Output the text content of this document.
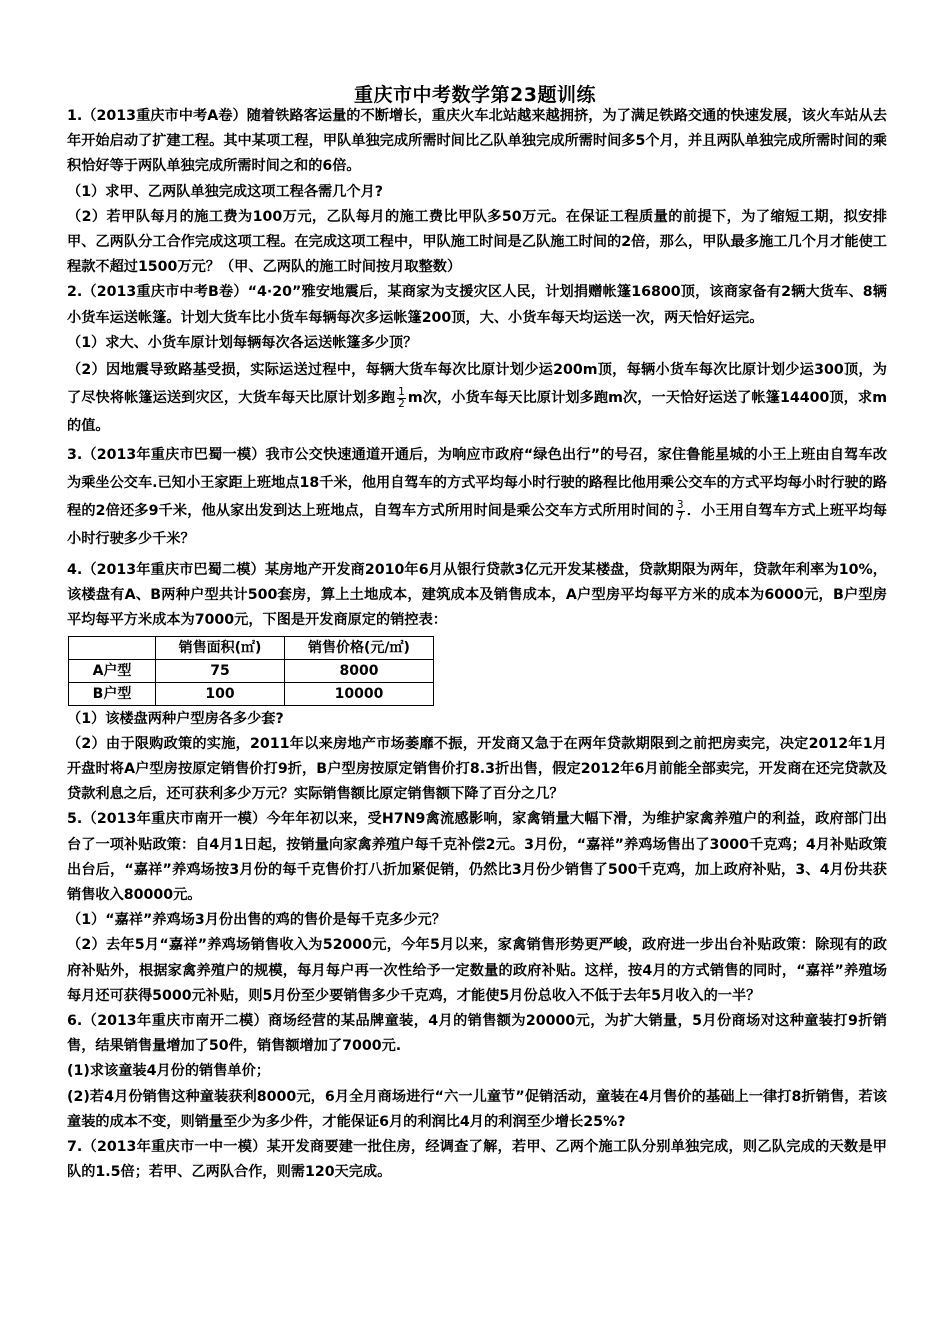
重庆市中考数学第23题训练

1.（2013重庆市中考A卷）随着铁路客运量的不断增长，重庆火车北站越来越拥挤，为了满足铁路交通的快速发展，该火车站从去年开始启动了扩建工程。其中某项工程，甲队单独完成所需时间比乙队单独完成所需时间多5个月，并且两队单独完成所需时间的乘积恰好等于两队单独完成所需时间之和的6倍。

（1）求甲、乙两队单独完成这项工程各需几个月?

（2）若甲队每月的施工费为100万元，乙队每月的施工费比甲队多50万元。在保证工程质量的前提下，为了缩短工期，拟安排甲、乙两队分工合作完成这项工程。在完成这项工程中，甲队施工时间是乙队施工时间的2倍，那么，甲队最多施工几个月才能使工程款不超过1500万元？（甲、乙两队的施工时间按月取整数）

2.（2013重庆市中考B卷）“4·20”雅安地震后，某商家为支援灾区人民，计划捐赠帐篷16800顶，该商家备有2辆大货车、8辆小货车运送帐篷。计划大货车比小货车每辆每次多运帐篷200顶，大、小货车每天均运送一次，两天恰好运完。

（1）求大、小货车原计划每辆每次各运送帐篷多少顶？

（2）因地震导致路基受损，实际运送过程中，每辆大货车每次比原计划少运200m顶，每辆小货车每次比原计划少运300顶，为了尽快将帐篷运送到灾区，大货车每天比原计划多跑 $\frac{1}{2}$ m次，小货车每天比原计划多跑m次，一天恰好运送了帐篷14400顶，求m的值。

3.（2013年重庆市巴蜀一模）我市公交快速通道开通后，为响应市政府“绿色出行”的号召，家住鲁能星城的小王上班由自驾车改为乘坐公交车.已知小王家距上班地点18千米，他用自驾车的方式平均每小时行驶的路程比他用乘公交车的方式平均每小时行驶的路程的2倍还多9千米，他从家出发到达上班地点，自驾车方式所用时间是乘公交车方式所用时间的 $\frac{3}{7}$ ．小王用自驾车方式上班平均每小时行驶多少千米？

4.（2013年重庆市巴蜀二模）某房地产开发商2010年6月从银行贷款3亿元开发某楼盘，贷款期限为两年，贷款年利率为10%，该楼盘有A、B两种户型共计500套房，算上土地成本，建筑成本及销售成本，A户型房平均每平方米的成本为6000元，B户型房平均每平方米成本为7000元，下图是开发商原定的销控表：

	销售面积(㎡)	销售价格(元/㎡)
A户型	75	8000
B户型	100	10000

（1）该楼盘两种户型房各多少套?

（2）由于限购政策的实施，2011年以来房地产市场萎靡不振，开发商又急于在两年贷款期限到之前把房卖完，决定2012年1月开盘时将A户型房按原定销售价打9折，B户型房按原定销售价打8.3折出售，假定2012年6月前能全部卖完，开发商在还完贷款及贷款利息之后，还可获利多少万元？实际销售额比原定销售额下降了百分之几？

5.（2013年重庆市南开一模）今年年初以来，受H7N9禽流感影响，家禽销量大幅下滑，为维护家禽养殖户的利益，政府部门出台了一项补贴政策：自4月1日起，按销量向家禽养殖户每千克补偿2元。3月份，“嘉祥”养鸡场售出了3000千克鸡；4月补贴政策出台后，“嘉祥”养鸡场按3月份的每千克售价打八折加紧促销，仍然比3月份少销售了500千克鸡，加上政府补贴，3、4月份共获销售收入80000元。

（1）“嘉祥”养鸡场3月份出售的鸡的售价是每千克多少元？

（2）去年5月“嘉祥”养鸡场销售收入为52000元，今年5月以来，家禽销售形势更严峻，政府进一步出台补贴政策：除现有的政府补贴外，根据家禽养殖户的规模，每月每户再一次性给予一定数量的政府补贴。这样，按4月的方式销售的同时，“嘉祥”养殖场每月还可获得5000元补贴，则5月份至少要销售多少千克鸡，才能使5月份总收入不低于去年5月收入的一半？

6.（2013年重庆市南开二模）商场经营的某品牌童装，4月的销售额为20000元，为扩大销量，5月份商场对这种童装打9折销售，结果销售量增加了50件，销售额增加了7000元.

(1)求该童装4月份的销售单价；

(2)若4月份销售这种童装获利8000元，6月全月商场进行“六一儿童节”促销活动，童装在4月售价的基础上一律打8折销售，若该童装的成本不变，则销量至少为多少件，才能保证6月的利润比4月的利润至少增长25%?

7.（2013年重庆市一中一模）某开发商要建一批住房，经调查了解，若甲、乙两个施工队分别单独完成，则乙队完成的天数是甲队的1.5倍；若甲、乙两队合作，则需120天完成。
